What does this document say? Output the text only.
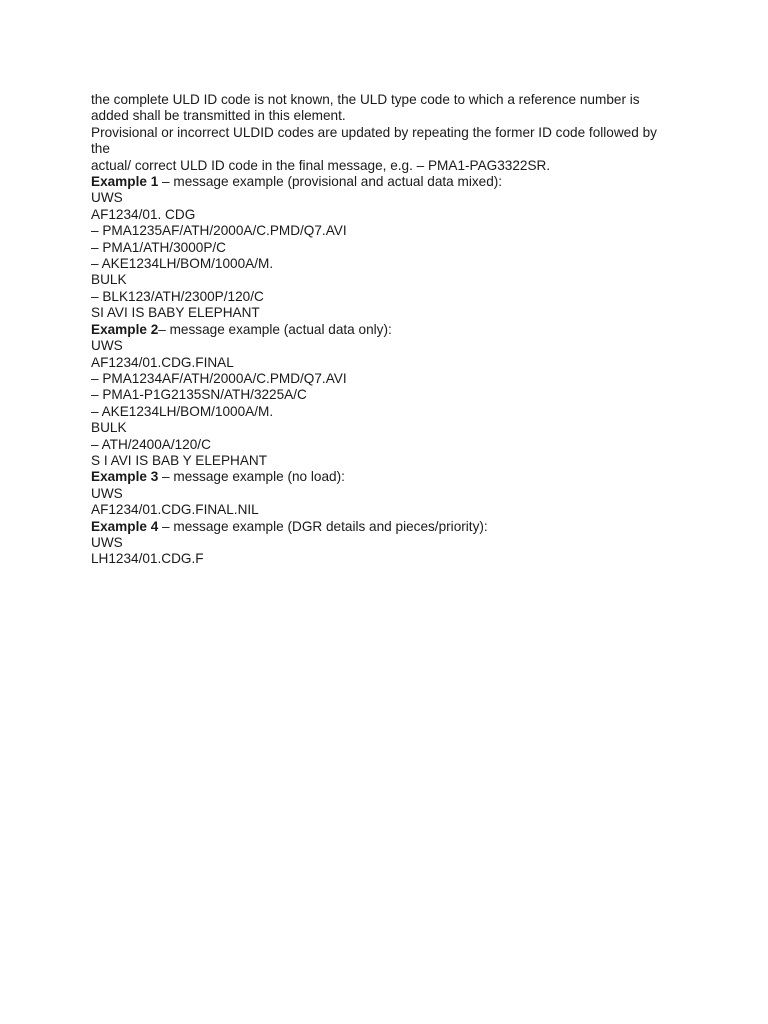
the complete ULD ID code is not known, the ULD type code to which a reference number is
added shall be transmitted in this element.
Provisional or incorrect ULDID codes are updated by repeating the former ID code followed by
the
actual/ correct ULD ID code in the final message, e.g. – PMA1-PAG3322SR.
Example 1 – message example (provisional and actual data mixed):
UWS
AF1234/01. CDG
– PMA1235AF/ATH/2000A/C.PMD/Q7.AVI
– PMA1/ATH/3000P/C
– AKE1234LH/BOM/1000A/M.
BULK
– BLK123/ATH/2300P/120/C
SI AVI IS BABY ELEPHANT
Example 2– message example (actual data only):
UWS
AF1234/01.CDG.FINAL
– PMA1234AF/ATH/2000A/C.PMD/Q7.AVI
– PMA1-P1G2135SN/ATH/3225A/C
– AKE1234LH/BOM/1000A/M.
BULK
– ATH/2400A/120/C
S I AVI IS BAB Y ELEPHANT
Example 3 – message example (no load):
UWS
AF1234/01.CDG.FINAL.NIL
Example 4 – message example (DGR details and pieces/priority):
UWS
LH1234/01.CDG.F
